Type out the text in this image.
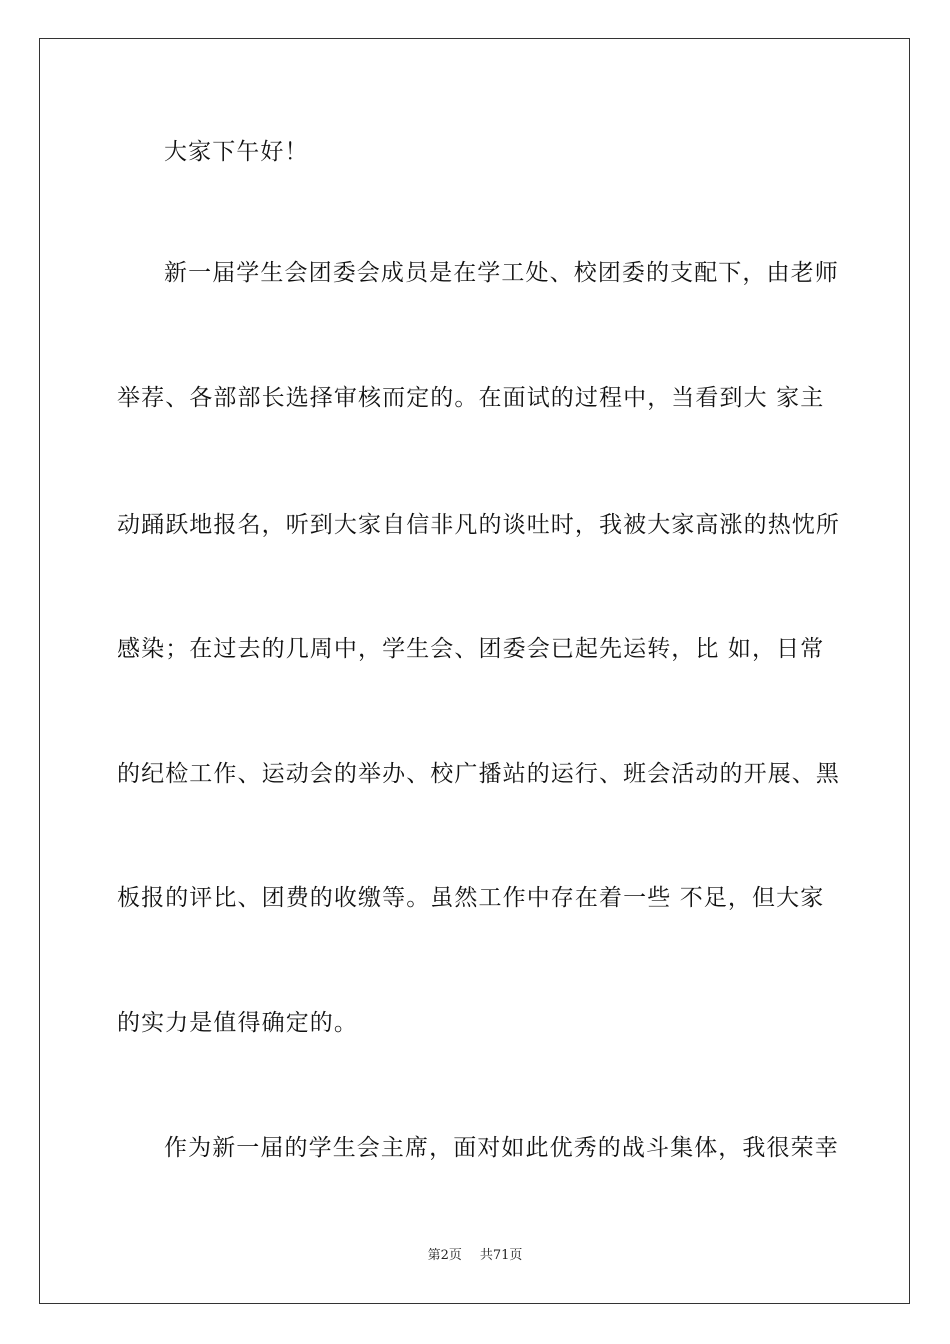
大家下午好！
新一届学生会团委会成员是在学工处、校团委的支配下，由老师
举荐、各部部长选择审核而定的。在面试的过程中，当看到大 家主
动踊跃地报名，听到大家自信非凡的谈吐时，我被大家高涨的热忱所
感染；在过去的几周中，学生会、团委会已起先运转，比 如，日常
的纪检工作、运动会的举办、校广播站的运行、班会活动的开展、黑
板报的评比、团费的收缴等。虽然工作中存在着一些 不足，但大家
的实力是值得确定的。
作为新一届的学生会主席，面对如此优秀的战斗集体，我很荣幸
第2页 共71页
